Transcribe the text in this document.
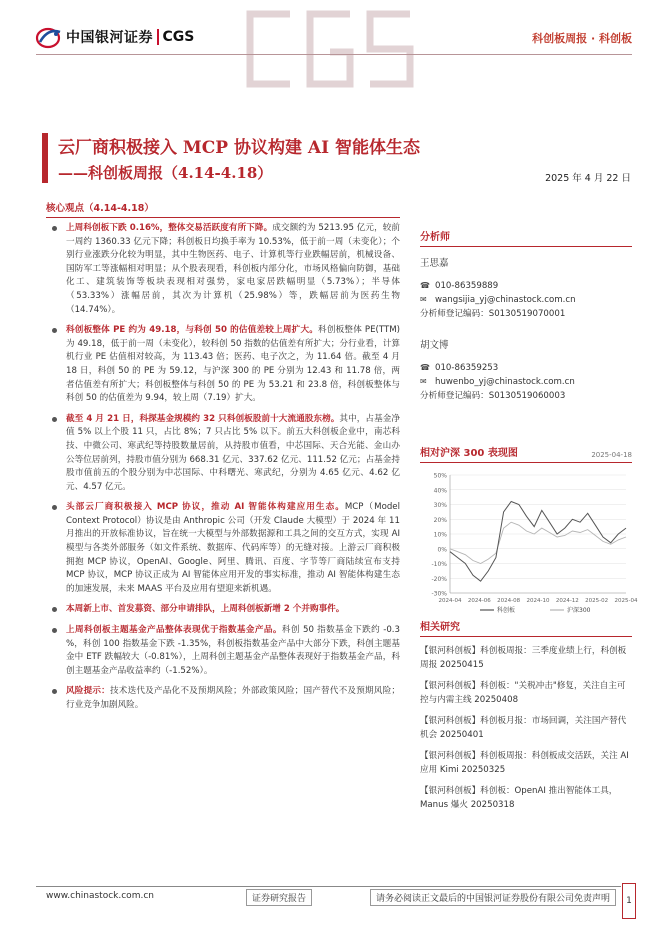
中国银河证券 CGS	科创板周报 · 科创板
云厂商积极接入 MCP 协议构建 AI 智能体生态
——科创板周报（4.14-4.18）	2025 年 4 月 22 日
核心观点（4.14-4.18）
上周科创板下跌 0.16%，整体交易活跃度有所下降。成交额约为 5213.95 亿元，较前一周约 1360.33 亿元下降；科创板日均换手率为 10.53%，低于前一周（未变化）；个别行业涨跌分化较为明显，其中生物医药、电子、计算机等行业跌幅居前，机械设备、国防军工等涨幅相对明显；从个股表现看，科创板内部分化，市场风格偏向防御，基础化工、建筑装饰等板块表现相对强势，家电家居跌幅明显（5.73%）；半导体（53.33%）涨幅居前，其次为计算机（25.98%）等，跌幅居前为医药生物（14.74%）。
科创板整体 PE 约为 49.18，与科创 50 的估值差较上周扩大。科创板整体 PE(TTM) 为 49.18，低于前一周（未变化），较科创 50 指数的估值差有所扩大；分行业看，计算机行业 PE 估值相对较高，为 113.43 倍；医药、电子次之，为 11.64 倍。截至 4 月 18 日，科创 50 的 PE 为 59.12，与沪深 300 的 PE 分别为 12.43 和 11.78 倍，两者估值差有所扩大；科创板整体与科创 50 的 PE 为 53.21 和 23.8 倍，科创板整体与科创 50 的估值差为 9.94，较上周（7.19）扩大。
截至 4 月 21 日，科探基金规模约 32 只科创板股前十大流通股东榜。其中，占基金净值 5% 以上个股 11 只，占比 8%；7 只占比 5% 以下。前五大科创板企业中，南芯科技、中微公司、寒武纪等持股数量居前，从持股市值看，中芯国际、天合光能、金山办公等位居前列，持股市值分别为 668.31 亿元、337.62 亿元、111.52 亿元；占基金持股市值前五的个股分别为中芯国际、中科曙光、寒武纪，分别为 4.65 亿元、4.62 亿元、4.57 亿元。
头部云厂商积极接入 MCP 协议，推动 AI 智能体构建应用生态。MCP（Model Context Protocol）协议是由 Anthropic 公司（开发 Claude 大模型）于 2024 年 11 月推出的开放标准协议，旨在统一大模型与外部数据源和工具之间的交互方式，实现 AI 模型与各类外部服务（如文件系统、数据库、代码库等）的无缝对接。上游云厂商积极拥抱 MCP 协议，OpenAI、Google、阿里、腾讯、百度、字节等厂商陆续宣布支持 MCP 协议，MCP 协议正成为 AI 智能体应用开发的事实标准，推动 AI 智能体构建生态的加速发展，未来 MAAS 平台及应用有望迎来新机遇。
本周新上市、首发募资、部分申请排队，上周科创板新增 2 个并购事件。
上周科创板主题基金产品整体表现优于指数基金产品。科创 50 指数基金下跌约 -0.3 %，科创 100 指数基金下跌 -1.35%，科创板指数基金产品中大部分下跌，科创主题基金中 ETF 跌幅较大（-0.81%），上周科创主题基金产品整体表现好于指数基金产品，科创主题基金产品收益率约（-1.52%）。
风险提示：技术迭代及产品化不及预期风险；外部政策风险；国产替代不及预期风险；行业竞争加剧风险。
分析师
王思嘉
☎ 010-86359889
✉ wangsijia_yj@chinastock.com.cn
分析师登记编码：S0130519070001
胡文博
☎ 010-86359253
✉ huwenbo_yj@chinastock.com.cn
分析师登记编码：S0130519060003
相对沪深 300 表现图	2025-04-18
50%
40%
30%
20%
10%
0%
-10%
-20%
-30%
2024-04 2024-06 2024-08 2024-10 2024-12 2025-02 2025-04
科创板	沪深300
相关研究
【银河科创板】科创板周报：三季度业绩上行，科创板周报 20250415
【银河科创板】科创板："关税冲击"修复，关注自主可控与内需主线 20250408
【银河科创板】科创板月报：市场回调，关注国产替代机会 20250401
【银河科创板】科创板周报：科创板成交活跃，关注 AI 应用 Kimi 20250325
【银河科创板】科创板：OpenAI 推出智能体工具，Manus 爆火 20250318
www.chinastock.com.cn	证券研究报告	请务必阅读正文最后的中国银河证券股份有限公司免责声明	1
